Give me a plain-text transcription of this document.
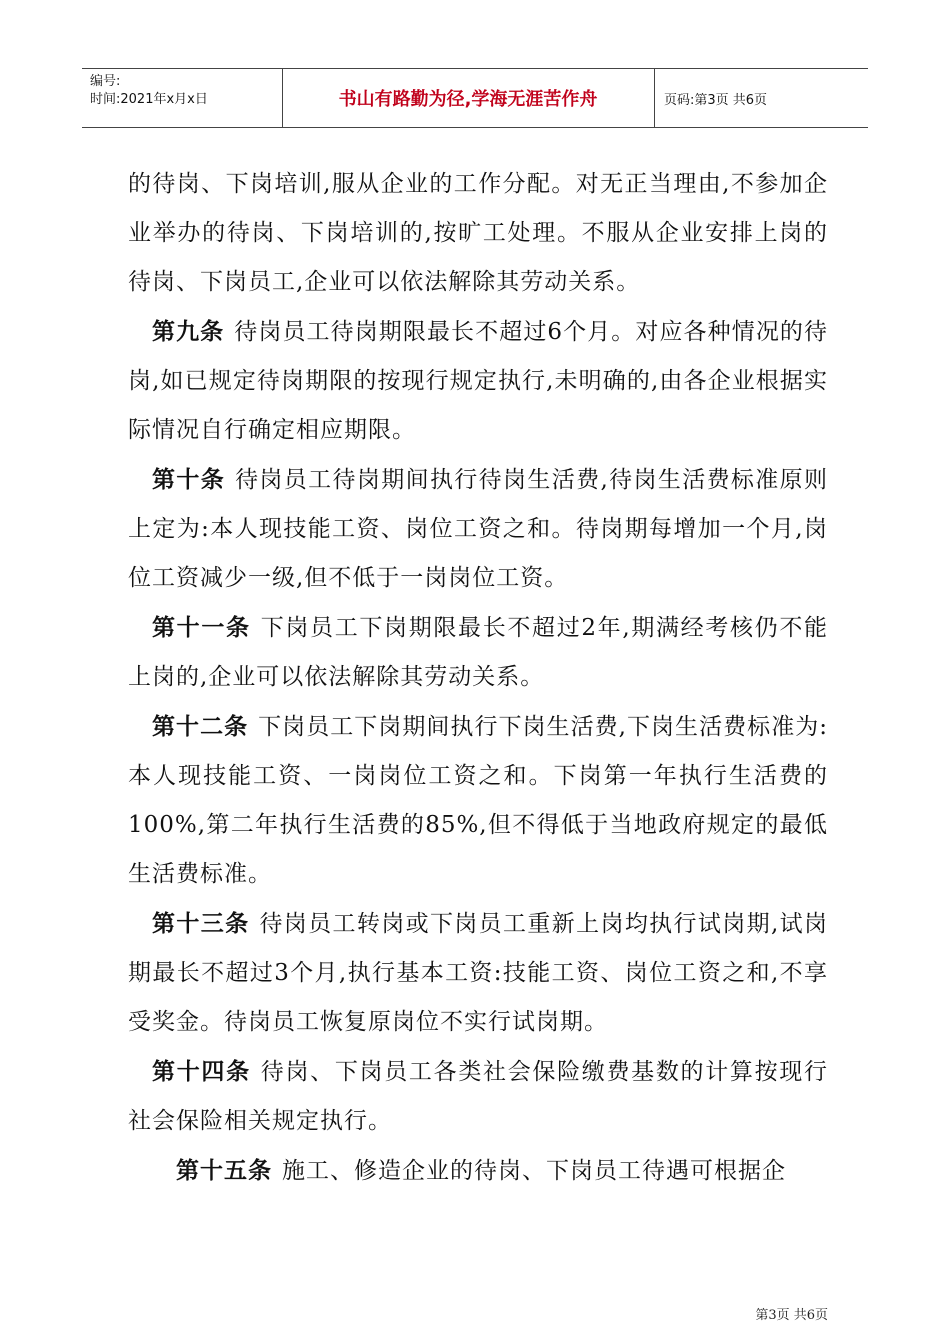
编号:
时间:2021年x月x日	书山有路勤为径,学海无涯苦作舟	页码:第3页 共6页

的待岗、下岗培训,服从企业的工作分配。对无正当理由,不参加企业举办的待岗、下岗培训的,按旷工处理。不服从企业安排上岗的待岗、下岗员工,企业可以依法解除其劳动关系。

第九条 待岗员工待岗期限最长不超过6个月。对应各种情况的待岗,如已规定待岗期限的按现行规定执行,未明确的,由各企业根据实际情况自行确定相应期限。

第十条 待岗员工待岗期间执行待岗生活费,待岗生活费标准原则上定为:本人现技能工资、岗位工资之和。待岗期每增加一个月,岗位工资减少一级,但不低于一岗岗位工资。

第十一条 下岗员工下岗期限最长不超过2年,期满经考核仍不能上岗的,企业可以依法解除其劳动关系。

第十二条 下岗员工下岗期间执行下岗生活费,下岗生活费标准为:本人现技能工资、一岗岗位工资之和。下岗第一年执行生活费的100%,第二年执行生活费的85%,但不得低于当地政府规定的最低生活费标准。

第十三条 待岗员工转岗或下岗员工重新上岗均执行试岗期,试岗期最长不超过3个月,执行基本工资:技能工资、岗位工资之和,不享受奖金。待岗员工恢复原岗位不实行试岗期。

第十四条 待岗、下岗员工各类社会保险缴费基数的计算按现行社会保险相关规定执行。

第十五条 施工、修造企业的待岗、下岗员工待遇可根据企

第3页 共6页
